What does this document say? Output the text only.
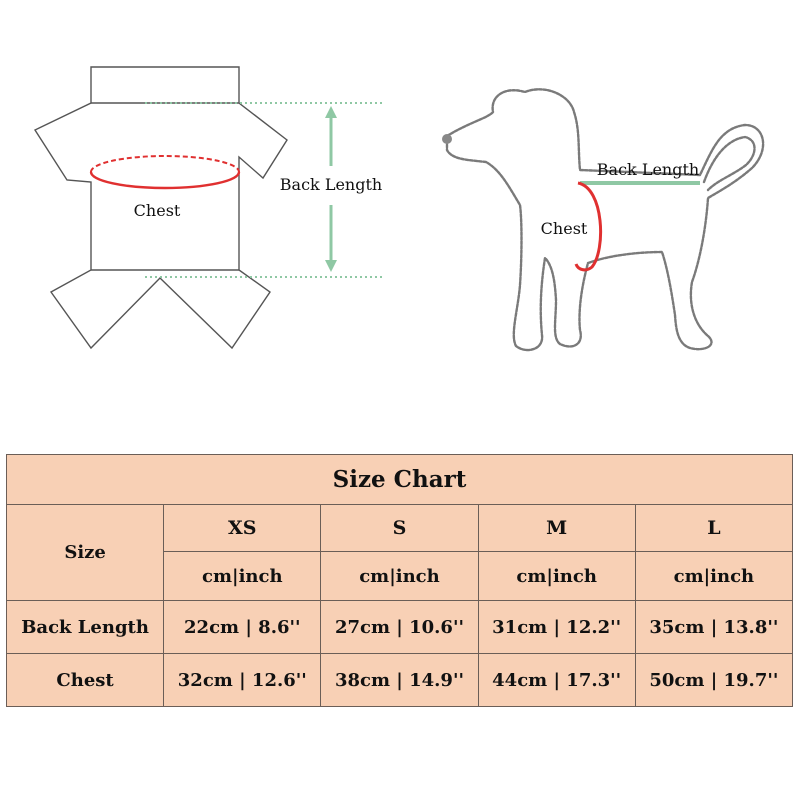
Chest
Back Length
Back Length
Chest
Size Chart				
Size	XS	S	M	L
	cm|inch	cm|inch	cm|inch	cm|inch
Back Length	22cm | 8.6''	27cm | 10.6''	31cm | 12.2''	35cm | 13.8''
Chest	32cm | 12.6''	38cm | 14.9''	44cm | 17.3''	50cm | 19.7''
